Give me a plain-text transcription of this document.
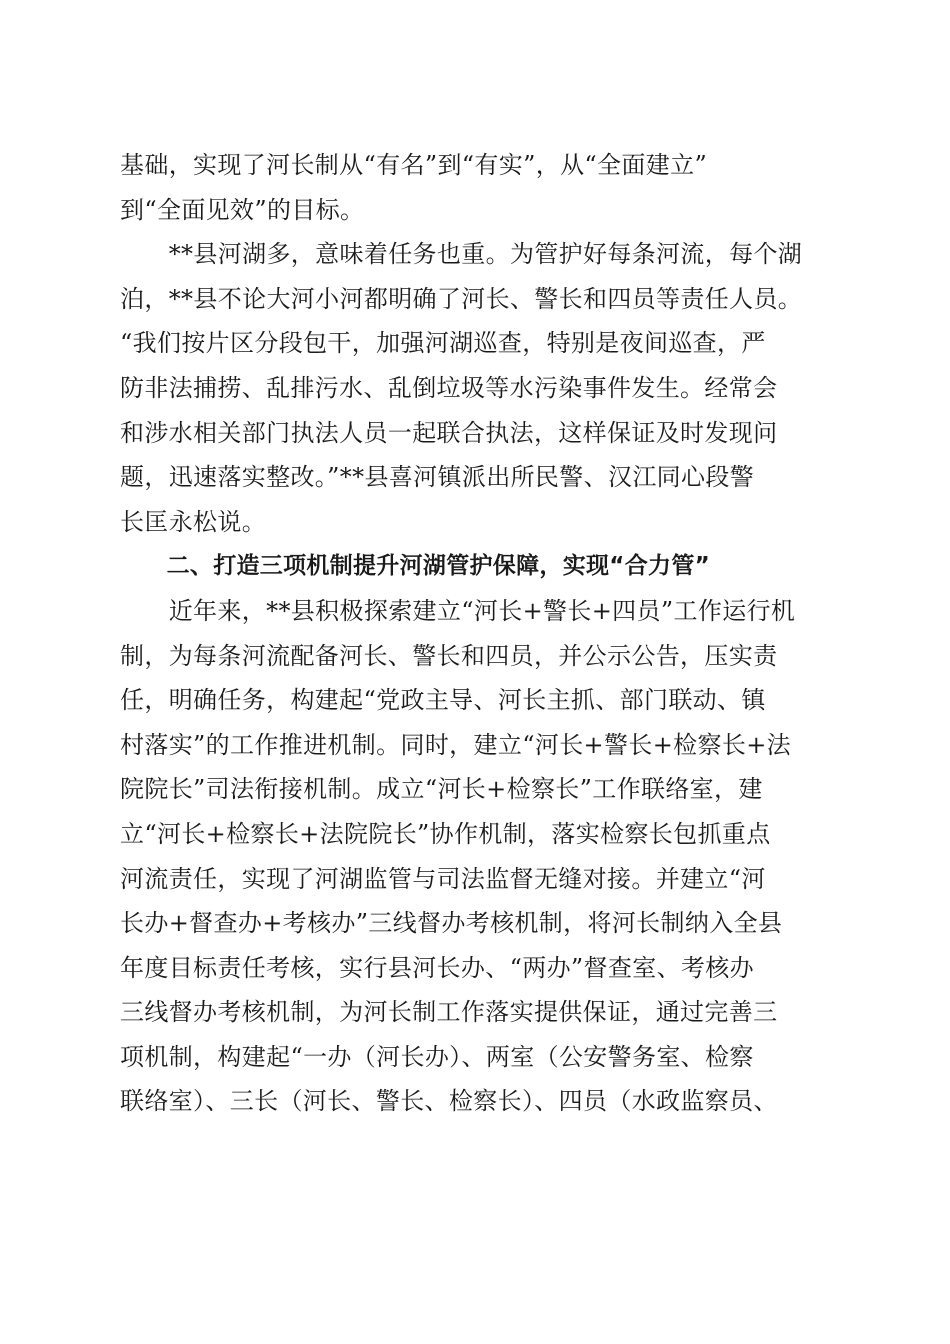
基础，实现了河长制从“有名”到“有实”，从“全面建立”
到“全面见效”的目标。

　　**县河湖多，意味着任务也重。为管护好每条河流，每个湖
泊，**县不论大河小河都明确了河长、警长和四员等责任人员。
“我们按片区分段包干，加强河湖巡查，特别是夜间巡查，严
防非法捕捞、乱排污水、乱倒垃圾等水污染事件发生。经常会
和涉水相关部门执法人员一起联合执法，这样保证及时发现问
题，迅速落实整改。”**县喜河镇派出所民警、汉江同心段警
长匡永松说。

　　二、打造三项机制提升河湖管护保障，实现“合力管”

　　近年来，**县积极探索建立“河长+警长+四员”工作运行机
制，为每条河流配备河长、警长和四员，并公示公告，压实责
任，明确任务，构建起“党政主导、河长主抓、部门联动、镇
村落实”的工作推进机制。同时，建立“河长+警长+检察长+法
院院长”司法衔接机制。成立“河长+检察长”工作联络室，建
立“河长+检察长+法院院长”协作机制，落实检察长包抓重点
河流责任，实现了河湖监管与司法监督无缝对接。并建立“河
长办+督查办+考核办”三线督办考核机制，将河长制纳入全县
年度目标责任考核，实行县河长办、“两办”督查室、考核办
三线督办考核机制，为河长制工作落实提供保证，通过完善三
项机制，构建起“一办（河长办）、两室（公安警务室、检察
联络室）、三长（河长、警长、检察长）、四员（水政监察员、
